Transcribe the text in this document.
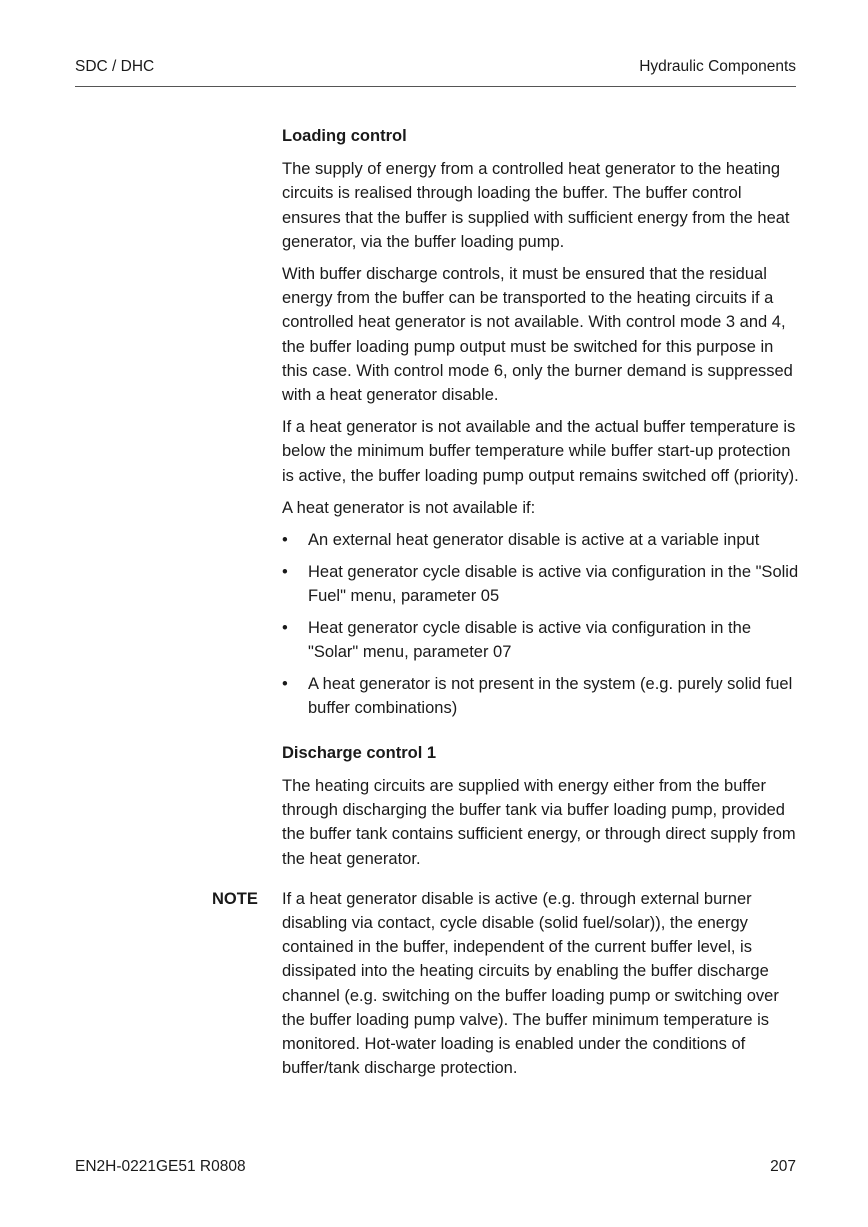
SDC / DHC	Hydraulic Components
Loading control

The supply of energy from a controlled heat generator to the heating circuits is realised through loading the buffer. The buffer control ensures that the buffer is supplied with sufficient energy from the heat generator, via the buffer loading pump.

With buffer discharge controls, it must be ensured that the residual energy from the buffer can be transported to the heating circuits if a controlled heat generator is not available. With control mode 3 and 4, the buffer loading pump output must be switched for this purpose in this case. With control mode 6, only the burner demand is suppressed with a heat generator disable.

If a heat generator is not available and the actual buffer temperature is below the minimum buffer temperature while buffer start-up protection is active, the buffer loading pump output remains switched off (priority).

A heat generator is not available if:

• An external heat generator disable is active at a variable input
• Heat generator cycle disable is active via configuration in the "Solid Fuel" menu, parameter 05
• Heat generator cycle disable is active via configuration in the "Solar" menu, parameter 07
• A heat generator is not present in the system (e.g. purely solid fuel buffer combinations)
Discharge control 1

The heating circuits are supplied with energy either from the buffer through discharging the buffer tank via buffer loading pump, provided the buffer tank contains sufficient energy, or through direct supply from the heat generator.

NOTE If a heat generator disable is active (e.g. through external burner disabling via contact, cycle disable (solid fuel/solar)), the energy contained in the buffer, independent of the current buffer level, is dissipated into the heating circuits by enabling the buffer discharge channel (e.g. switching on the buffer loading pump or switching over the buffer loading pump valve). The buffer minimum temperature is monitored. Hot-water loading is enabled under the conditions of buffer/tank discharge protection.

EN2H-0221GE51 R0808	207
